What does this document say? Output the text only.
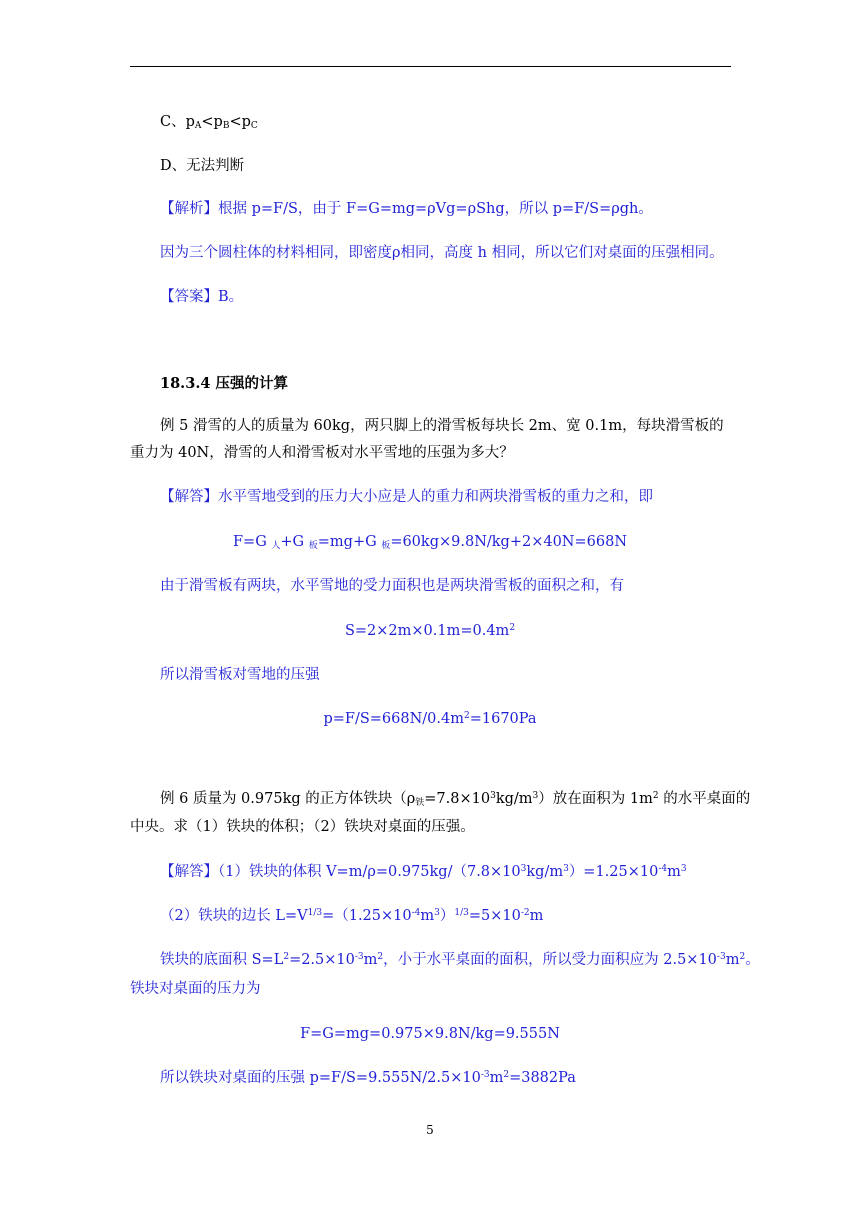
C、$p_A<p_B<p_C$
D、无法判断
【解析】根据 p=F/S，由于 F=G=mg=ρVg=ρShg，所以 p=F/S=ρgh。
因为三个圆柱体的材料相同，即密度ρ相同，高度 h 相同，所以它们对桌面的压强相同。
【答案】B。
18.3.4 压强的计算
例 5 滑雪的人的质量为 60kg，两只脚上的滑雪板每块长 2m、宽 0.1m，每块滑雪板的
重力为 40N，滑雪的人和滑雪板对水平雪地的压强为多大？
【解答】水平雪地受到的压力大小应是人的重力和两块滑雪板的重力之和，即
F=G $_人$+G $_板$=mg+G $_板$=60kg×9.8N/kg+2×40N=668N
由于滑雪板有两块，水平雪地的受力面积也是两块滑雪板的面积之和，有
$S=2\times 2m\times 0.1m=0.4m^2$
所以滑雪板对雪地的压强
$p=F/S=668N/0.4m^2=1670Pa$
例 6 质量为 0.975kg 的正方体铁块$(\rho_铁=7.8\times 10^3kg/m^3)$放在面积为 $1m^2$ 的水平桌面的
中央。求（1）铁块的体积；（2）铁块对桌面的压强。
【解答】（1）铁块的体积 $V=m/\rho=0.975kg/(7.8\times 10^3kg/m^3)=1.25\times 10^{-4}m^3$
（2）铁块的边长 $L=V^{1/3}=(1.25\times 10^{-4}m^3)^{1/3}=5\times 10^{-2}m$
铁块的底面积 $S=L^2=2.5\times 10^{-3}m^2$，小于水平桌面的面积，所以受力面积应为 $2.5\times 10^{-3}m^2$。
铁块对桌面的压力为
F=G=mg=0.975×9.8N/kg=9.555N
所以铁块对桌面的压强 $p=F/S=9.555N/2.5\times 10^{-3}m^2=3882Pa$
5
